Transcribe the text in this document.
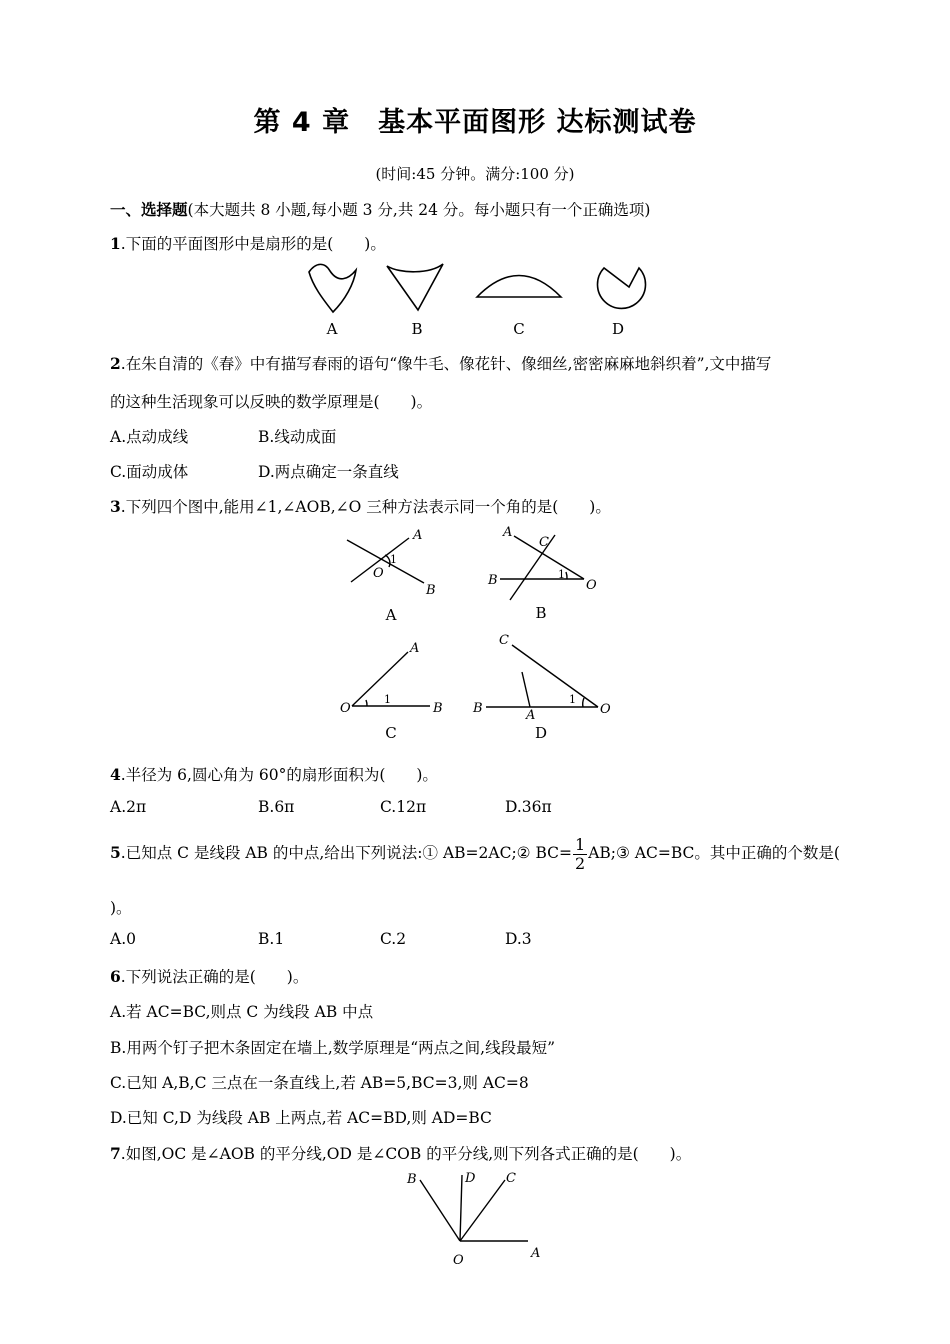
第 4 章　基本平面图形 达标测试卷
(时间:45 分钟。满分:100 分)
一、选择题(本大题共 8 小题,每小题 3 分,共 24 分。每小题只有一个正确选项)
1.下面的平面图形中是扇形的是(　　)。
A	B	C	D
2.在朱自清的《春》中有描写春雨的语句“像牛毛、像花针、像细丝,密密麻麻地斜织着”,文中描写
的这种生活现象可以反映的数学原理是(　　)。
A.点动成线	B.线动成面
C.面动成体	D.两点确定一条直线
3.下列四个图中,能用∠1,∠AOB,∠O 三种方法表示同一个角的是(　　)。
A
O
1
B
A
C
B	1
O
A
O
1
B
C
B	A
1
O
A	B
C	D
4.半径为 6,圆心角为 60°的扇形面积为(　　)。
A.2π	B.6π	C.12π	D.36π
5.已知点 C 是线段 AB 的中点,给出下列说法:① AB=2AC;② $BC= \frac{1}{2}$ AB;③ AC=BC。其中正确的个数是(
)。
A.0	B.1	C.2	D.3
6.下列说法正确的是(　　)。
A.若 AC=BC,则点 C 为线段 AB 中点
B.用两个钉子把木条固定在墙上,数学原理是“两点之间,线段最短”
C.已知 A,B,C 三点在一条直线上,若 AB=5,BC=3,则 AC=8
D.已知 C,D 为线段 AB 上两点,若 AC=BD,则 AD=BC
7.如图,OC 是∠AOB 的平分线,OD 是∠COB 的平分线,则下列各式正确的是(　　)。
B	D C
O	A
